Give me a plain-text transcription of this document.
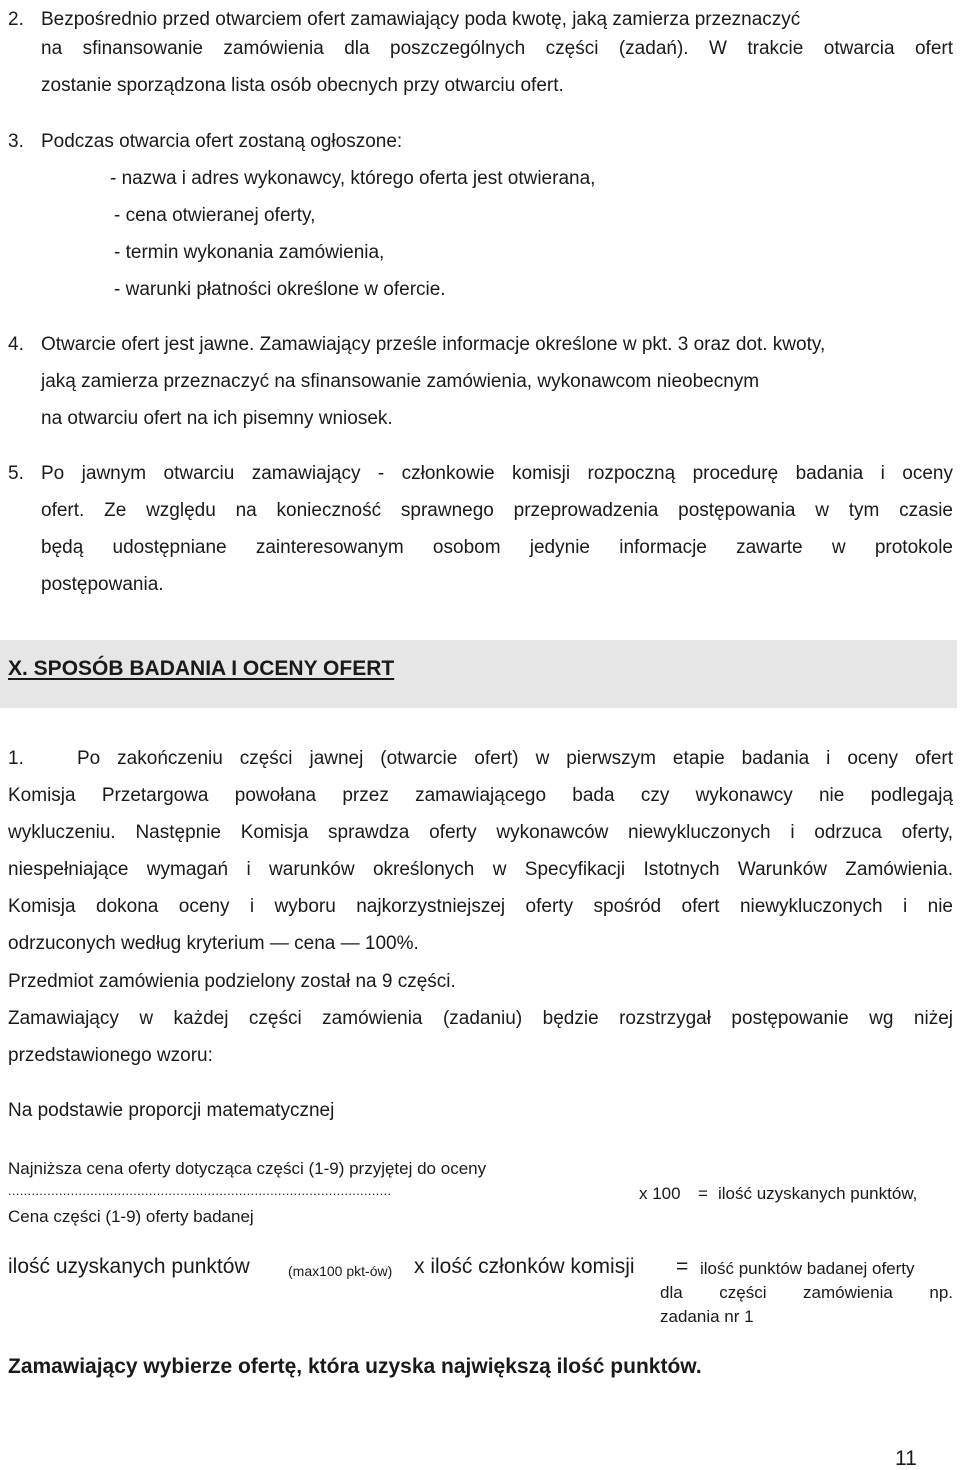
2. Bezpośrednio przed otwarciem ofert zamawiający poda kwotę, jaką zamierza przeznaczyć
na sfinansowanie zamówienia dla poszczególnych części (zadań). W trakcie otwarcia ofert
zostanie sporządzona lista osób obecnych przy otwarciu ofert.
3. Podczas otwarcia ofert zostaną ogłoszone:
- nazwa i adres wykonawcy, którego oferta jest otwierana,
- cena otwieranej oferty,
- termin wykonania zamówienia,
- warunki płatności określone w ofercie.
4. Otwarcie ofert jest jawne. Zamawiający prześle informacje określone w pkt. 3 oraz dot. kwoty,
jaką zamierza przeznaczyć na sfinansowanie zamówienia, wykonawcom nieobecnym
na otwarciu ofert na ich pisemny wniosek.
5. Po jawnym otwarciu zamawiający - członkowie komisji rozpoczną procedurę badania i oceny
ofert. Ze względu na konieczność sprawnego przeprowadzenia postępowania w tym czasie
będą udostępniane zainteresowanym osobom jedynie informacje zawarte w protokole
postępowania.
X. SPOSÓB BADANIA I OCENY OFERT
1.	Po zakończeniu części jawnej (otwarcie ofert) w pierwszym etapie badania i oceny ofert
Komisja Przetargowa powołana przez zamawiającego bada czy wykonawcy nie podlegają
wykluczeniu. Następnie Komisja sprawdza oferty wykonawców niewykluczonych i odrzuca oferty,
niespełniające wymagań i warunków określonych w Specyfikacji Istotnych Warunków Zamówienia.
Komisja dokona oceny i wyboru najkorzystniejszej oferty spośród ofert niewykluczonych i nie
odrzuconych według kryterium — cena — 100%.
Przedmiot zamówienia podzielony został na 9 części.
Zamawiający w każdej części zamówienia (zadaniu) będzie rozstrzygał postępowanie wg niżej
przedstawionego wzoru:
Na podstawie proporcji matematycznej
Najniższa cena oferty dotycząca części (1-9) przyjętej do oceny
..................................................................................................	x 100 = ilość uzyskanych punktów,
Cena części (1-9) oferty badanej
ilość uzyskanych punktów	(max100 pkt-ów) x ilość członków komisji = ilość punktów badanej oferty
dla części zamówienia np.
zadania nr 1
Zamawiający wybierze ofertę, która uzyska największą ilość punktów.
11
